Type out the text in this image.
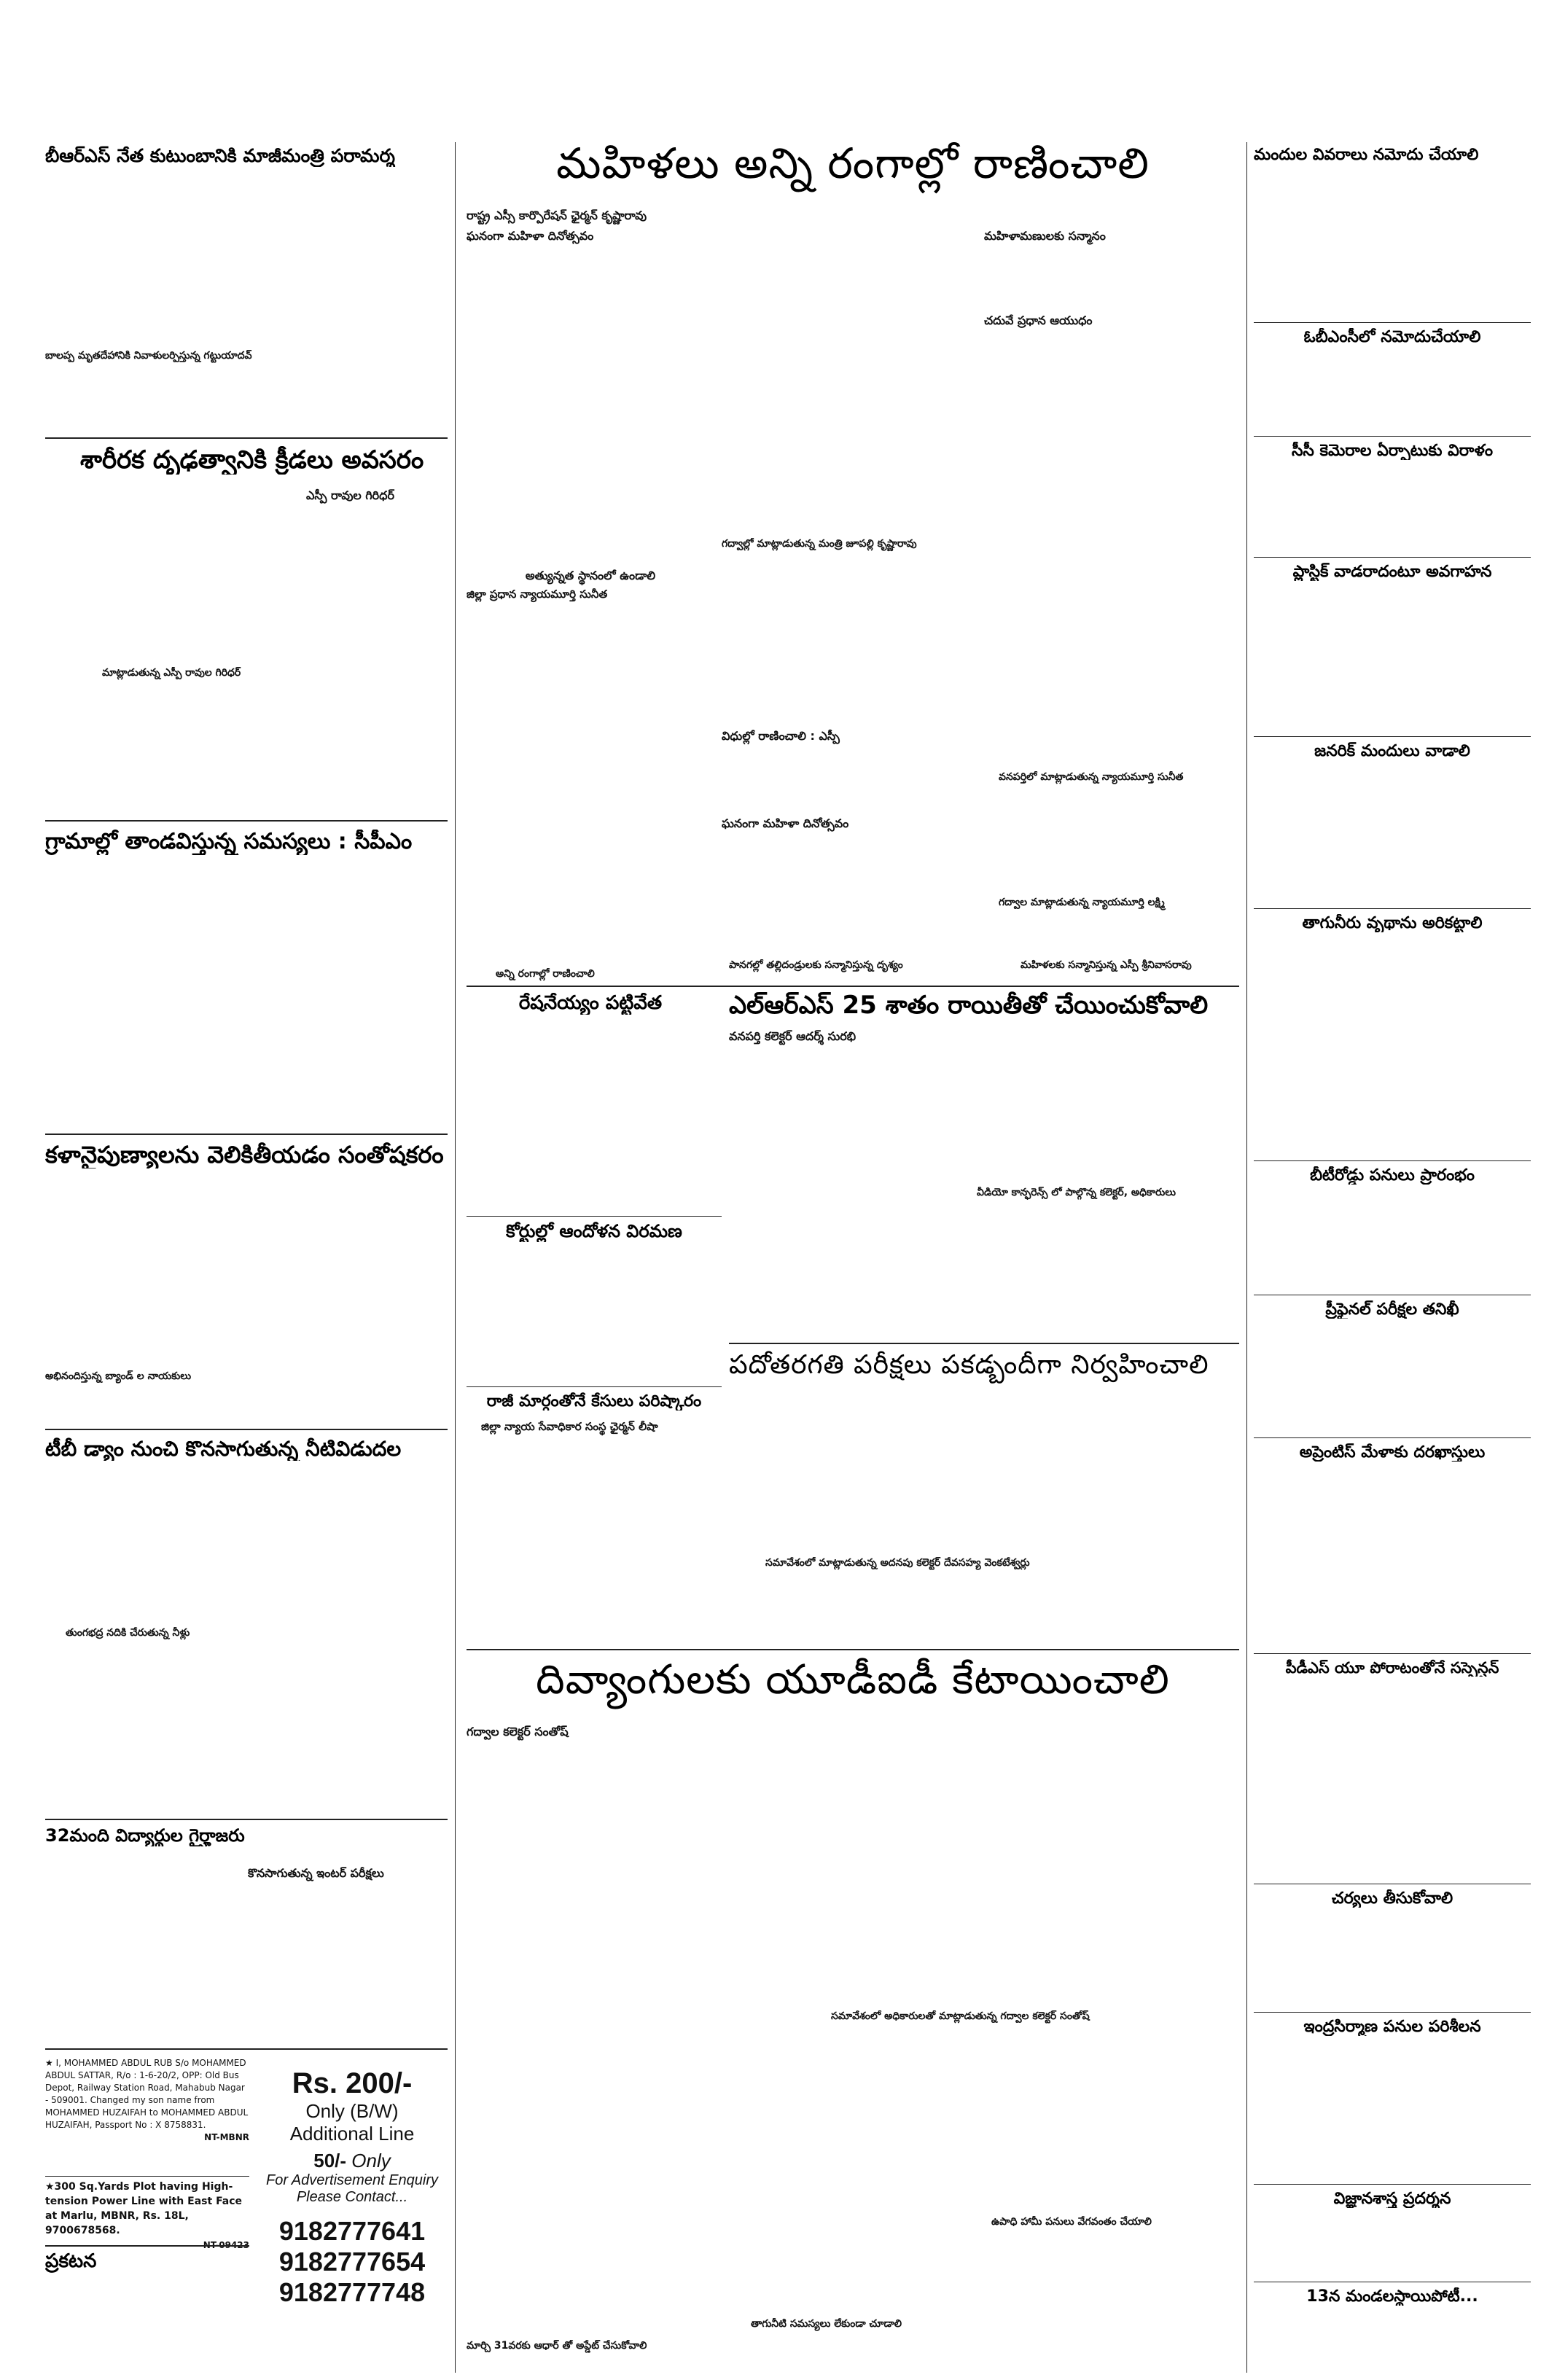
బీఆర్ఎస్ నేత కుటుంబానికి మాజీమంత్రి పరామర్శ
బాలప్ప మృతదేహానికి నివాళులర్పిస్తున్న గట్టుయాదవ్
శారీరక దృఢత్వానికి క్రీడలు అవసరం
ఎస్పీ రావుల గిరిధర్
మాట్లాడుతున్న ఎస్పీ రావుల గిరిధర్
గ్రామాల్లో తాండవిస్తున్న సమస్యలు : సీపీఎం
కళానైపుణ్యాలను వెలికితీయడం సంతోషకరం
అభినందిస్తున్న బ్యాండ్ ల నాయకులు
టీబీ డ్యాం నుంచి కొనసాగుతున్న నీటివిడుదల
తుంగభద్ర నదికి చేరుతున్న నీళ్లు
32మంది విద్యార్థుల గైర్హాజరు
కొనసాగుతున్న ఇంటర్ పరీక్షలు
★ I, MOHAMMED ABDUL RUB S/o MOHAMMED ABDUL SATTAR, R/o : 1-6-20/2, OPP: Old Bus Depot, Railway Station Road, Mahabub Nagar - 509001. Changed my son name from MOHAMMED HUZAIFAH to MOHAMMED ABDUL HUZAIFAH, Passport No : X 8758831.
NT-MBNR
★300 Sq.Yards Plot having High-tension Power Line with East Face at Marlu, MBNR, Rs. 18L, 9700678568.
ప్రకటన
Rs. 200/-
Only (B/W)
Additional Line
50/- Only
For Advertisement Enquiry
Please Contact...
9182777641
9182777654
9182777748
మహిళలు అన్ని రంగాల్లో రాణించాలి
రాష్ట్ర ఎస్సీ కార్పొరేషన్ ఛైర్మన్ కృష్ణారావు
ఘనంగా మహిళా దినోత్సవం
అత్యున్నత స్థానంలో ఉండాలి
జిల్లా ప్రధాన న్యాయమూర్తి సునీత
గద్వాల్లో మాట్లాడుతున్న మంత్రి జూపల్లి కృష్ణారావు
విధుల్లో రాణించాలి : ఎస్పీ
ఘనంగా మహిళా దినోత్సవం
మహిళామణులకు సన్మానం
చదువే ప్రధాన ఆయుధం
వనపర్తిలో మాట్లాడుతున్న న్యాయమూర్తి సునీత
గద్వాల మాట్లాడుతున్న న్యాయమూర్తి లక్ష్మి
అన్ని రంగాల్లో రాణించాలి
పానగల్లో తల్లిదండ్రులకు సన్మానిస్తున్న దృశ్యం	మహిళలకు సన్మానిస్తున్న ఎస్పీ శ్రీనివాసరావు
రేషనేయ్యం పట్టివేత
కోర్టుల్లో ఆందోళన విరమణ
రాజీ మార్గంతోనే కేసులు పరిష్కారం
జిల్లా న్యాయ సేవాధికార సంస్థ ఛైర్మన్ లీషా
ఎల్ఆర్ఎస్ 25 శాతం రాయితీతో చేయించుకోవాలి
వనపర్తి కలెక్టర్ ఆదర్శ్ సురభి
వీడియో కాన్ఫరెన్స్ లో పాల్గొన్న కలెక్టర్, అధికారులు
పదోతరగతి పరీక్షలు పకడ్బందీగా నిర్వహించాలి
సమావేశంలో మాట్లాడుతున్న అదనపు కలెక్టర్ దేవసహ్య వెంకటేశ్వర్లు
దివ్యాంగులకు యూడీఐడీ కేటాయించాలి
గద్వాల కలెక్టర్ సంతోష్
మార్చి 31వరకు ఆధార్ తో అప్డేట్ చేసుకోవాలి
సమావేశంలో అధికారులతో మాట్లాడుతున్న గద్వాల కలెక్టర్ సంతోష్
తాగునీటి సమస్యలు లేకుండా చూడాలి
ఉపాధి హామీ పనులు వేగవంతం చేయాలి
మందుల వివరాలు నమోదు చేయాలి
ఓబీఎంసీలో నమోదుచేయాలి
సీసీ కెమెరాల ఏర్పాటుకు విరాళం
ప్లాస్టిక్ వాడరాదంటూ అవగాహన
జనరిక్ మందులు వాడాలి
తాగునీరు వృథాను అరికట్టాలి
బీటీరోడ్డు పనులు ప్రారంభం
ప్రీఫైనల్ పరీక్షల తనిఖీ
అప్రెంటిస్ మేళాకు దరఖాస్తులు
పీడీఎస్ యూ పోరాటంతోనే సస్పెన్షన్
చర్యలు తీసుకోవాలి
ఇంద్రసిర్మాణ పనుల పరిశీలన
విజ్ఞానశాస్త్ర ప్రదర్శన
13న మండలస్థాయిపోటీ...
